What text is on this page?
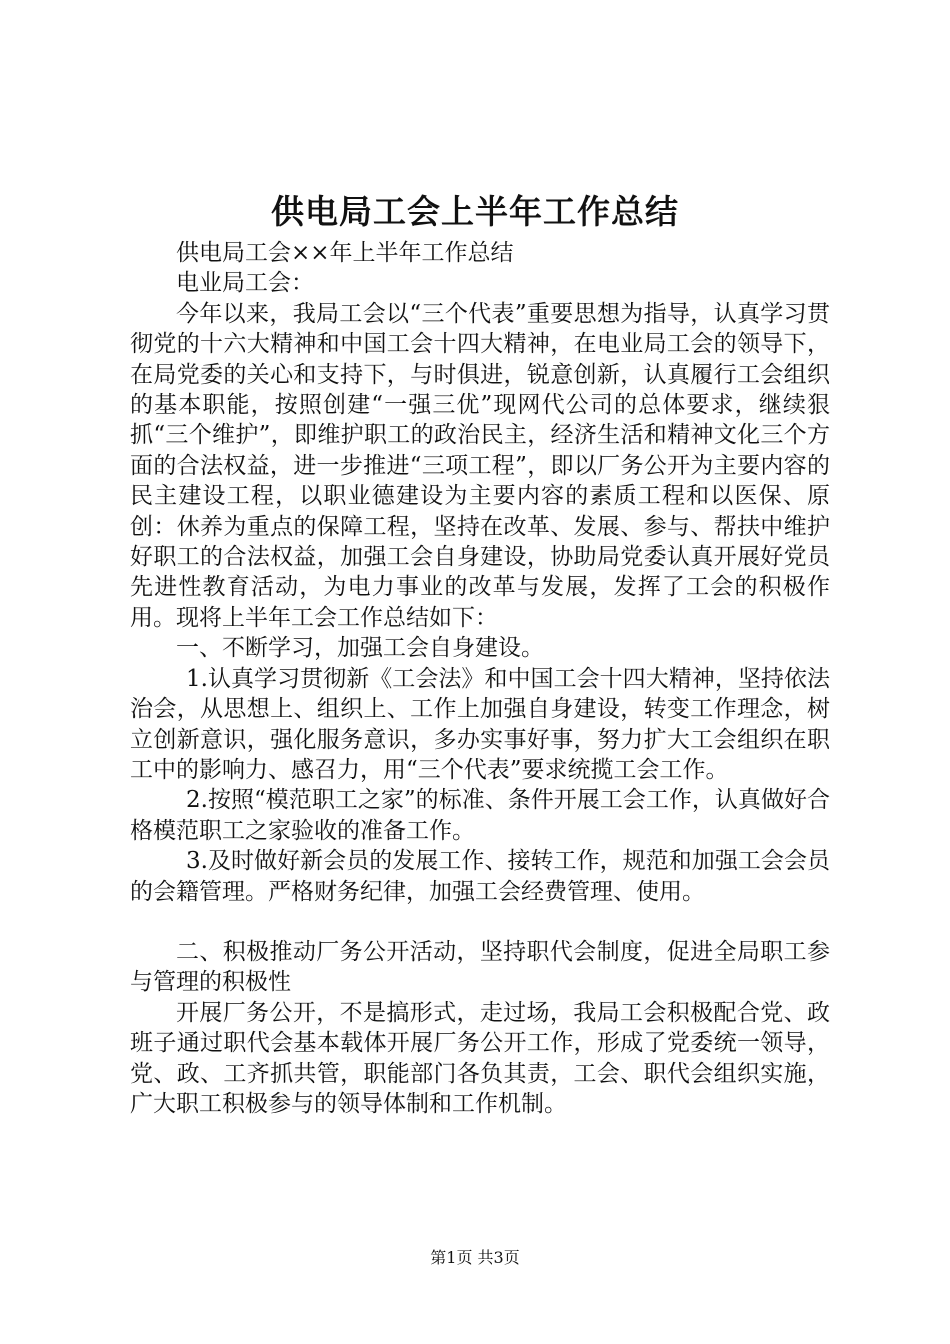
供电局工会上半年工作总结

供电局工会××年上半年工作总结

电业局工会：

今年以来，我局工会以“三个代表”重要思想为指导，认真学习贯彻党的十六大精神和中国工会十四大精神，在电业局工会的领导下，在局党委的关心和支持下，与时俱进，锐意创新，认真履行工会组织的基本职能，按照创建“一强三优”现网代公司的总体要求，继续狠抓“三个维护”，即维护职工的政治民主，经济生活和精神文化三个方面的合法权益，进一步推进“三项工程”，即以厂务公开为主要内容的民主建设工程，以职业德建设为主要内容的素质工程和以医保、原创：休养为重点的保障工程，坚持在改革、发展、参与、帮扶中维护好职工的合法权益，加强工会自身建设，协助局党委认真开展好党员先进性教育活动，为电力事业的改革与发展，发挥了工会的积极作用。现将上半年工会工作总结如下：

一、不断学习，加强工会自身建设。

1.认真学习贯彻新《工会法》和中国工会十四大精神，坚持依法治会，从思想上、组织上、工作上加强自身建设，转变工作理念，树立创新意识，强化服务意识，多办实事好事，努力扩大工会组织在职工中的影响力、感召力，用“三个代表”要求统揽工会工作。

2.按照“模范职工之家”的标准、条件开展工会工作，认真做好合格模范职工之家验收的准备工作。

3.及时做好新会员的发展工作、接转工作，规范和加强工会会员的会籍管理。严格财务纪律，加强工会经费管理、使用。

二、积极推动厂务公开活动，坚持职代会制度，促进全局职工参与管理的积极性

开展厂务公开，不是搞形式，走过场，我局工会积极配合党、政班子通过职代会基本载体开展厂务公开工作，形成了党委统一领导，党、政、工齐抓共管，职能部门各负其责，工会、职代会组织实施，广大职工积极参与的领导体制和工作机制。

第1页 共3页
